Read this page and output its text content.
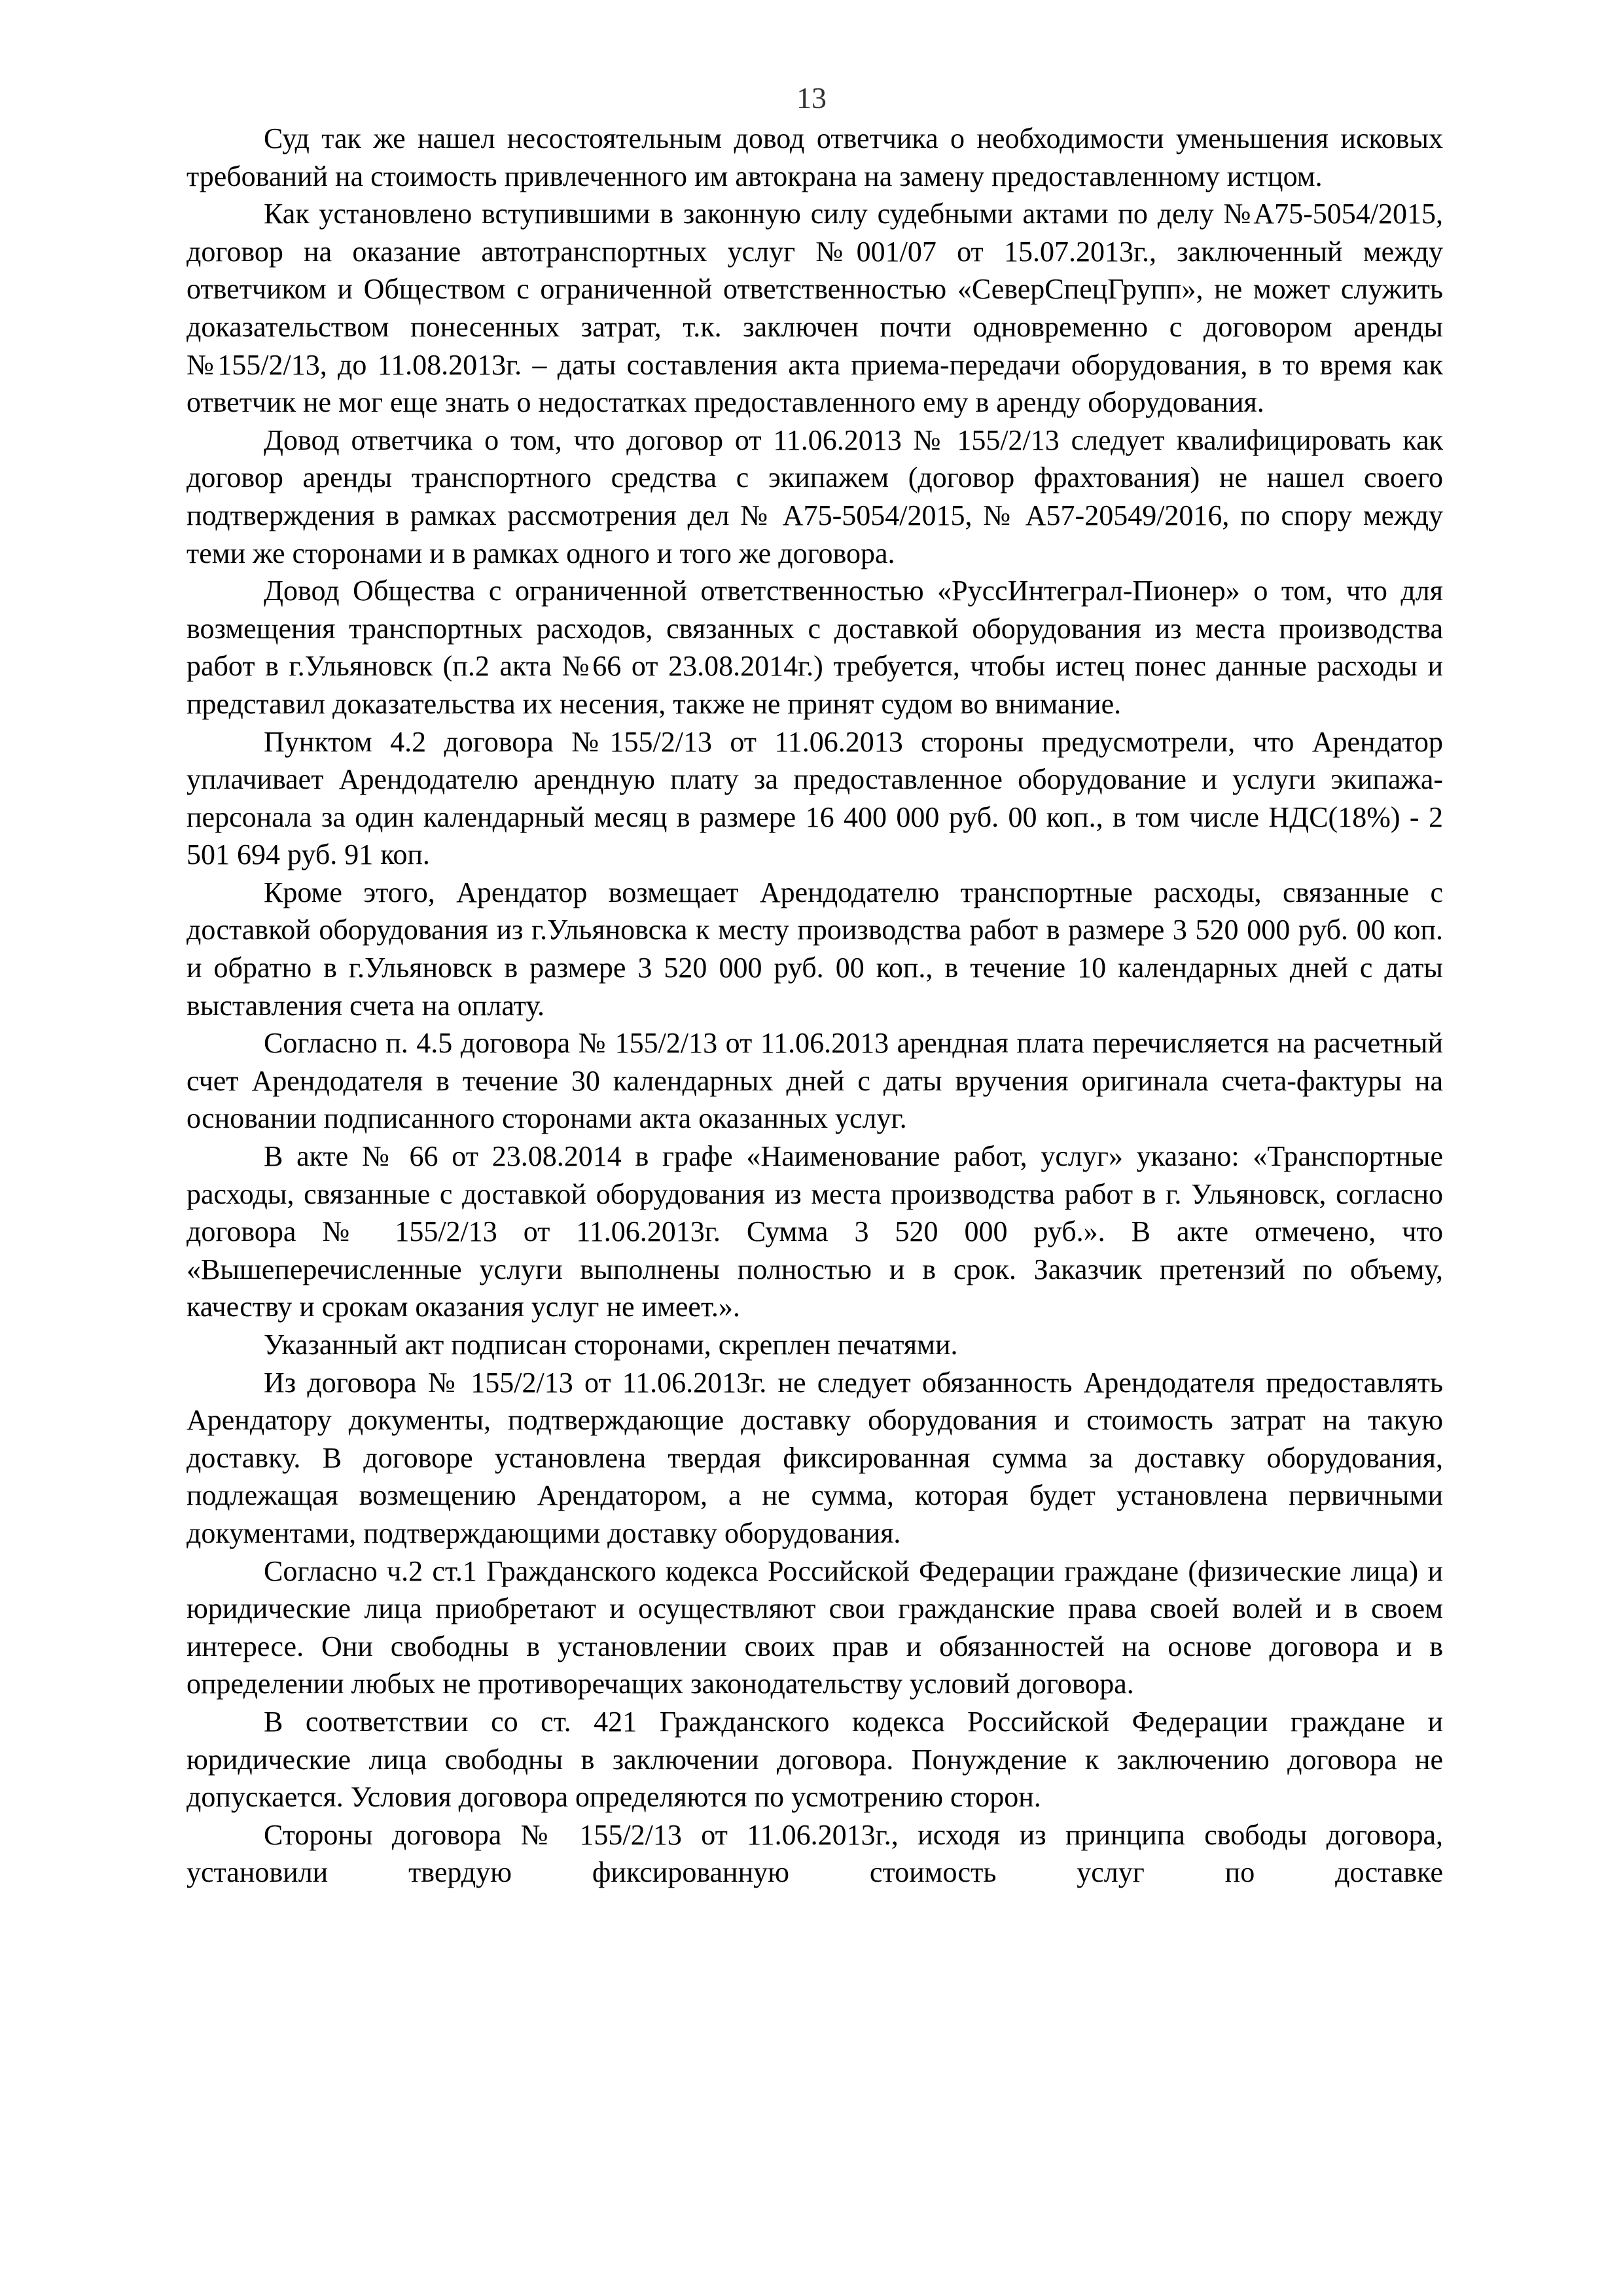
13

Суд так же нашел несостоятельным довод ответчика о необходимости уменьшения исковых требований на стоимость привлеченного им автокрана на замену предоставленному истцом.

Как установлено вступившими в законную силу судебными актами по делу №А75-5054/2015, договор на оказание автотранспортных услуг №001/07 от 15.07.2013г., заключенный между ответчиком и Обществом с ограниченной ответственностью «СеверСпецГрупп», не может служить доказательством понесенных затрат, т.к. заключен почти одновременно с договором аренды №155/2/13, до 11.08.2013г. – даты составления акта приема-передачи оборудования, в то время как ответчик не мог еще знать о недостатках предоставленного ему в аренду оборудования.

Довод ответчика о том, что договор от 11.06.2013 № 155/2/13 следует квалифицировать как договор аренды транспортного средства с экипажем (договор фрахтования) не нашел своего подтверждения в рамках рассмотрения дел № А75-5054/2015, № А57-20549/2016, по спору между теми же сторонами и в рамках одного и того же договора.

Довод Общества с ограниченной ответственностью «РуссИнтеграл-Пионер» о том, что для возмещения транспортных расходов, связанных с доставкой оборудования из места производства работ в г.Ульяновск (п.2 акта №66 от 23.08.2014г.) требуется, чтобы истец понес данные расходы и представил доказательства их несения, также не принят судом во внимание.

Пунктом 4.2 договора №155/2/13 от 11.06.2013 стороны предусмотрели, что Арендатор уплачивает Арендодателю арендную плату за предоставленное оборудование и услуги экипажа-персонала за один календарный месяц в размере 16 400 000 руб. 00 коп., в том числе НДС(18%) - 2 501 694 руб. 91 коп.

Кроме этого, Арендатор возмещает Арендодателю транспортные расходы, связанные с доставкой оборудования из г.Ульяновска к месту производства работ в размере 3 520 000 руб. 00 коп. и обратно в г.Ульяновск в размере 3 520 000 руб. 00 коп., в течение 10 календарных дней с даты выставления счета на оплату.

Согласно п. 4.5 договора № 155/2/13 от 11.06.2013 арендная плата перечисляется на расчетный счет Арендодателя в течение 30 календарных дней с даты вручения оригинала счета-фактуры на основании подписанного сторонами акта оказанных услуг.

В акте № 66 от 23.08.2014 в графе «Наименование работ, услуг» указано: «Транспортные расходы, связанные с доставкой оборудования из места производства работ в г. Ульяновск, согласно договора № 155/2/13 от 11.06.2013г. Сумма 3 520 000 руб.». В акте отмечено, что «Вышеперечисленные услуги выполнены полностью и в срок. Заказчик претензий по объему, качеству и срокам оказания услуг не имеет.».

Указанный акт подписан сторонами, скреплен печатями.

Из договора № 155/2/13 от 11.06.2013г. не следует обязанность Арендодателя предоставлять Арендатору документы, подтверждающие доставку оборудования и стоимость затрат на такую доставку. В договоре установлена твердая фиксированная сумма за доставку оборудования, подлежащая возмещению Арендатором, а не сумма, которая будет установлена первичными документами, подтверждающими доставку оборудования.

Согласно ч.2 ст.1 Гражданского кодекса Российской Федерации граждане (физические лица) и юридические лица приобретают и осуществляют свои гражданские права своей волей и в своем интересе. Они свободны в установлении своих прав и обязанностей на основе договора и в определении любых не противоречащих законодательству условий договора.

В соответствии со ст. 421 Гражданского кодекса Российской Федерации граждане и юридические лица свободны в заключении договора. Понуждение к заключению договора не допускается. Условия договора определяются по усмотрению сторон.

Стороны договора № 155/2/13 от 11.06.2013г., исходя из принципа свободы договора, установили твердую фиксированную стоимость услуг по доставке
